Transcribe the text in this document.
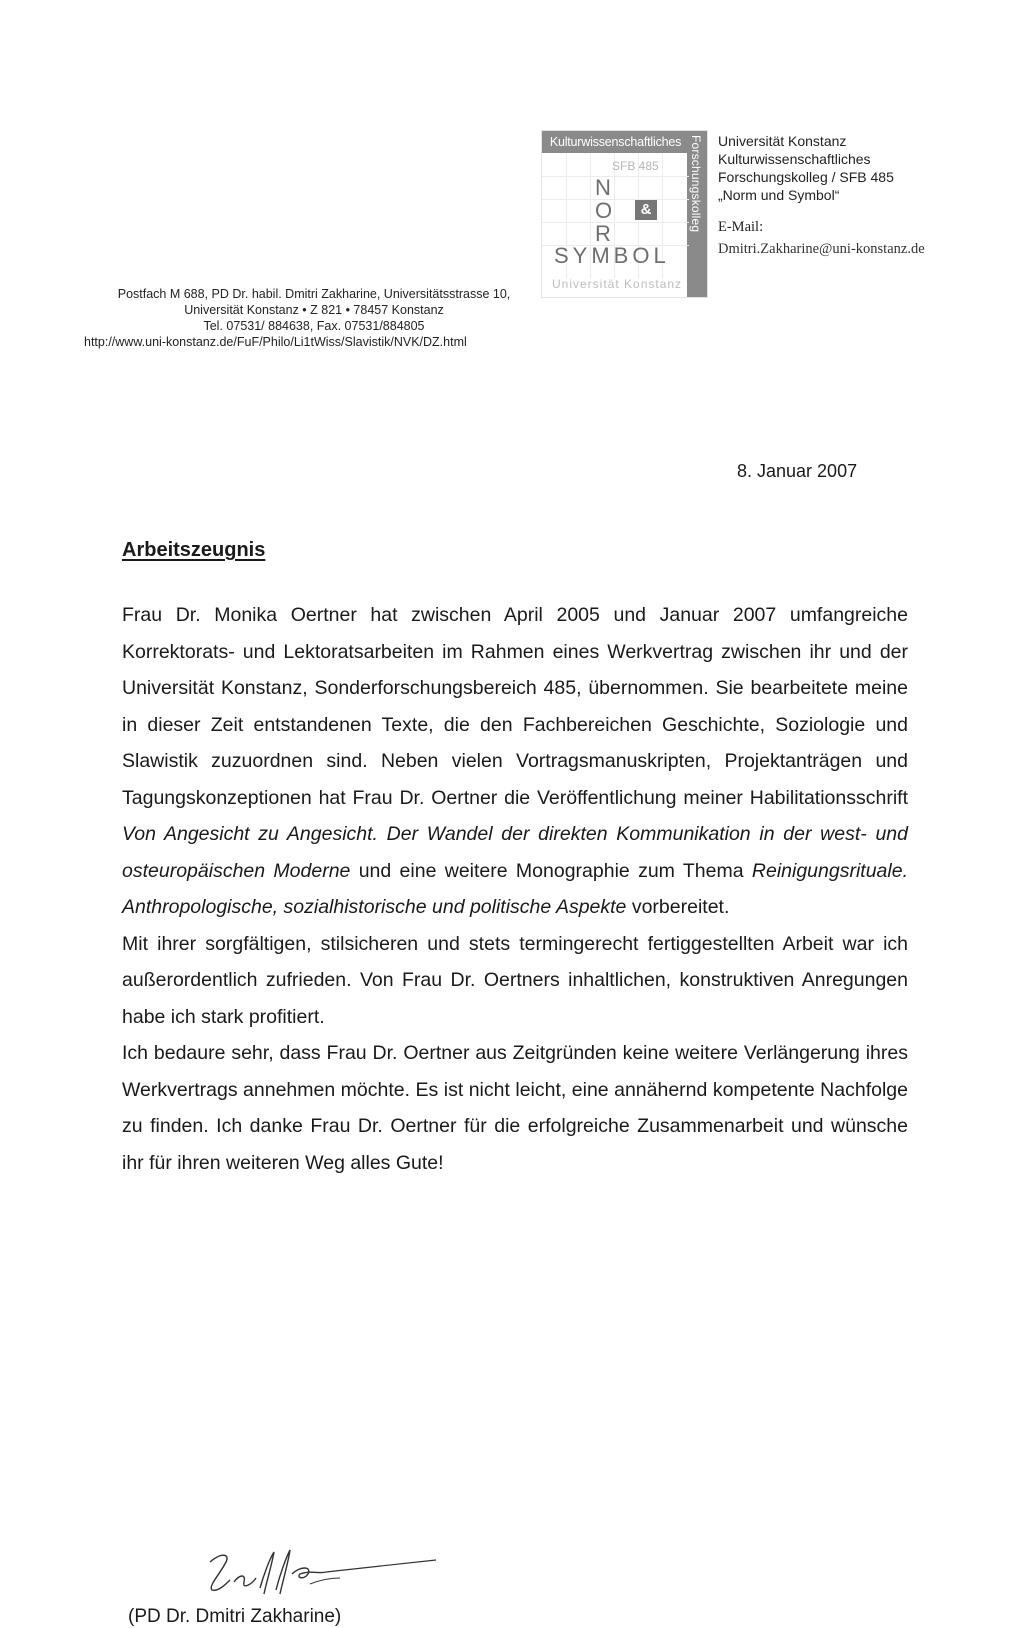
Kulturwissenschaftliches Forschungskolleg
SFB 485
N
O	&
R
SYMBOL
Universität Konstanz
Postfach M 688, PD Dr. habil. Dmitri Zakharine, Universitätsstrasse 10,
Universität Konstanz • Z 821 • 78457 Konstanz
Tel. 07531/ 884638, Fax. 07531/884805
http://www.uni-konstanz.de/FuF/Philo/Li1tWiss/Slavistik/NVK/DZ.html
Universität Konstanz
Kulturwissenschaftliches
Forschungskolleg / SFB 485
„Norm und Symbol“
E-Mail:
Dmitri.Zakharine@uni-konstanz.de
8. Januar 2007
Arbeitszeugnis

Frau Dr. Monika Oertner hat zwischen April 2005 und Januar 2007 umfangreiche Korrektorats- und Lektoratsarbeiten im Rahmen eines Werkvertrag zwischen ihr und der Universität Konstanz, Sonderforschungsbereich 485, übernommen. Sie bearbeitete meine in dieser Zeit entstandenen Texte, die den Fachbereichen Geschichte, Soziologie und Slawistik zuzuordnen sind. Neben vielen Vortragsmanuskripten, Projektanträgen und Tagungskonzeptionen hat Frau Dr. Oertner die Veröffentlichung meiner Habilitationsschrift Von Angesicht zu Angesicht. Der Wandel der direkten Kommunikation in der west- und osteuropäischen Moderne und eine weitere Monographie zum Thema Reinigungsrituale. Anthropologische, sozialhistorische und politische Aspekte vorbereitet.

Mit ihrer sorgfältigen, stilsicheren und stets termingerecht fertiggestellten Arbeit war ich außerordentlich zufrieden. Von Frau Dr. Oertners inhaltlichen, konstruktiven Anregungen habe ich stark profitiert.

Ich bedaure sehr, dass Frau Dr. Oertner aus Zeitgründen keine weitere Verlängerung ihres Werkvertrags annehmen möchte. Es ist nicht leicht, eine annähernd kompetente Nachfolge zu finden. Ich danke Frau Dr. Oertner für die erfolgreiche Zusammenarbeit und wünsche ihr für ihren weiteren Weg alles Gute!

(PD Dr. Dmitri Zakharine)
